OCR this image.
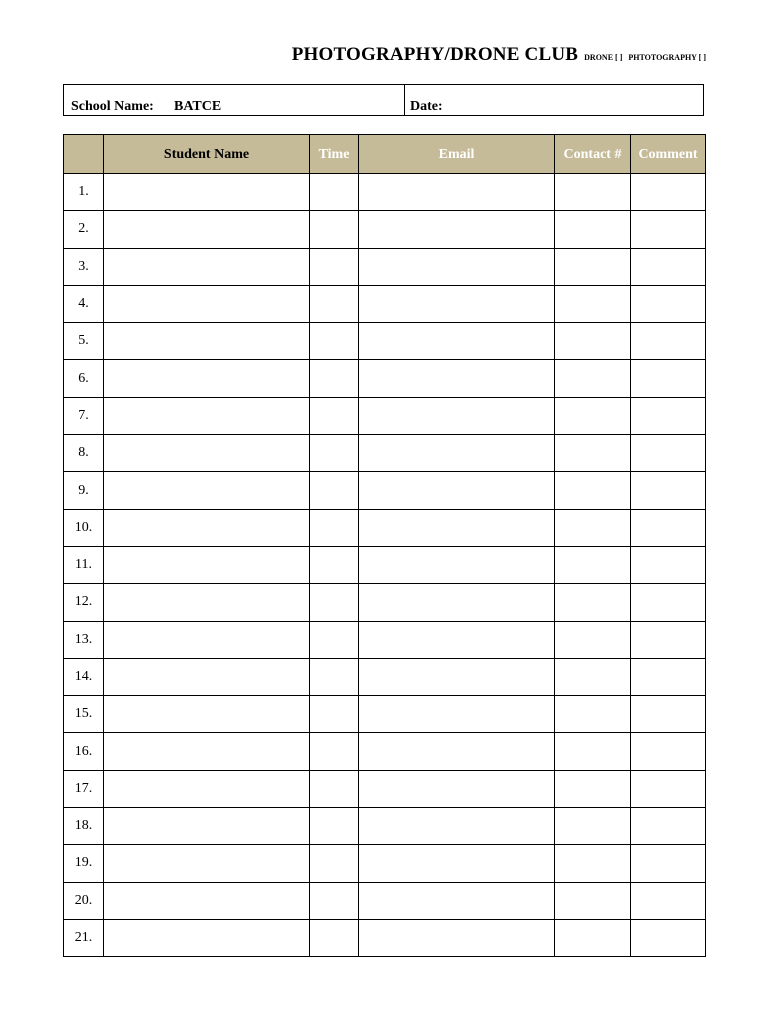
PHOTOGRAPHY/DRONE CLUB DRONE [ ] PHTOTOGRAPHY [ ]
School Name: BATCE	Date:
	Student Name	Time	Email	Contact #	Comment
1.					
2.					
3.					
4.					
5.					
6.					
7.					
8.					
9.					
10.					
11.					
12.					
13.					
14.					
15.					
16.					
17.					
18.					
19.					
20.					
21.					
